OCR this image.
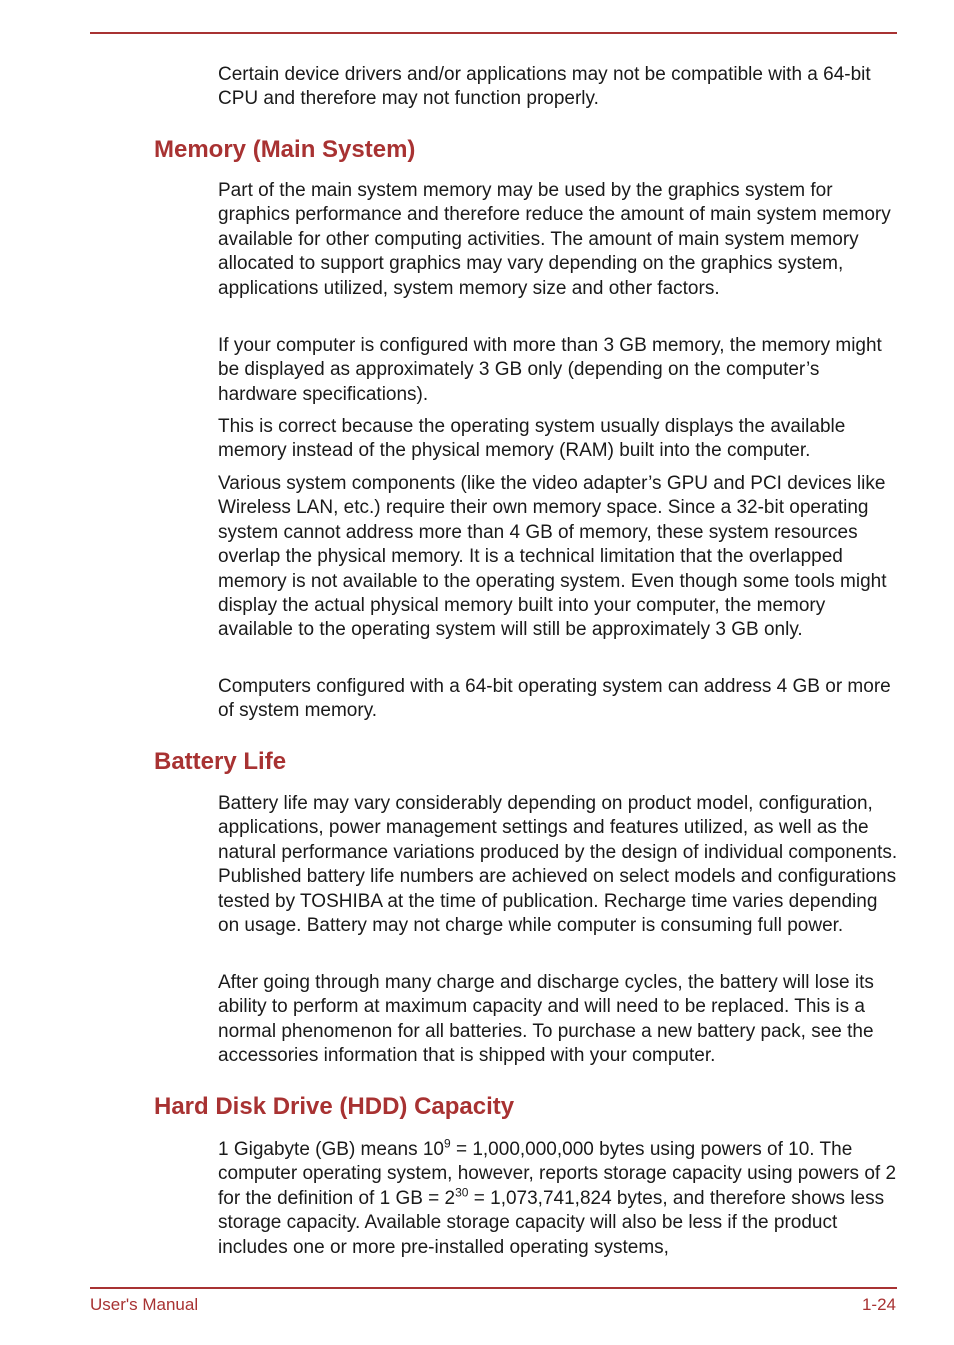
Certain device drivers and/or applications may not be compatible with a 64-bit CPU and therefore may not function properly.

Memory (Main System)

Part of the main system memory may be used by the graphics system for graphics performance and therefore reduce the amount of main system memory available for other computing activities. The amount of main system memory allocated to support graphics may vary depending on the graphics system, applications utilized, system memory size and other factors.

If your computer is configured with more than 3 GB memory, the memory might be displayed as approximately 3 GB only (depending on the computer’s hardware specifications).

This is correct because the operating system usually displays the available memory instead of the physical memory (RAM) built into the computer.

Various system components (like the video adapter’s GPU and PCI devices like Wireless LAN, etc.) require their own memory space. Since a 32-bit operating system cannot address more than 4 GB of memory, these system resources overlap the physical memory. It is a technical limitation that the overlapped memory is not available to the operating system. Even though some tools might display the actual physical memory built into your computer, the memory available to the operating system will still be approximately 3 GB only.

Computers configured with a 64-bit operating system can address 4 GB or more of system memory.

Battery Life

Battery life may vary considerably depending on product model, configuration, applications, power management settings and features utilized, as well as the natural performance variations produced by the design of individual components. Published battery life numbers are achieved on select models and configurations tested by TOSHIBA at the time of publication. Recharge time varies depending on usage. Battery may not charge while computer is consuming full power.

After going through many charge and discharge cycles, the battery will lose its ability to perform at maximum capacity and will need to be replaced. This is a normal phenomenon for all batteries. To purchase a new battery pack, see the accessories information that is shipped with your computer.

Hard Disk Drive (HDD) Capacity

1 Gigabyte (GB) means $10^9 = 1,000,000,000$ bytes using powers of 10. The computer operating system, however, reports storage capacity using powers of 2 for the definition of 1 GB = $2^{30} = 1,073,741,824$ bytes, and therefore shows less storage capacity. Available storage capacity will also be less if the product includes one or more pre-installed operating systems,

User's Manual	1-24
